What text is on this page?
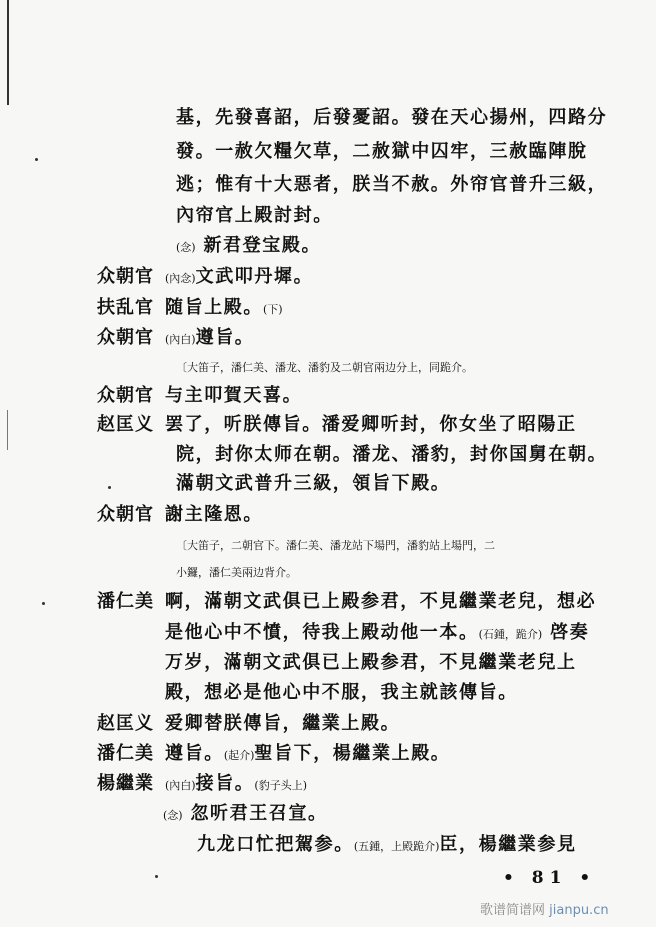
基，先發喜詔，后發憂詔。發在天心揚州，四路分
發。一赦欠糧欠草，二赦獄中囚牢，三赦臨陣脫
逃；惟有十大惡者，朕当不赦。外帘官普升三級，
內帘官上殿討封。
(念) 新君登宝殿。
众朝官 (內念)文武叩丹墀。
扶乱官 随旨上殿。(下)
众朝官 (內白)遵旨。
〔大笛子，潘仁美、潘龙、潘豹及二朝官兩边分上，同跪介。
众朝官 与主叩賀天喜。
赵匡义 罢了，听朕傳旨。潘爱卿听封，你女坐了昭陽正
院，封你太师在朝。潘龙、潘豹，封你国舅在朝。
滿朝文武普升三級，領旨下殿。
众朝官 謝主隆恩。
〔大笛子，二朝官下。潘仁美、潘龙站下場門，潘豹站上場門，二
小鑼，潘仁美兩边背介。
潘仁美 啊，滿朝文武俱已上殿参君，不見繼業老兒，想必
是他心中不憤，待我上殿动他一本。(石鍾，跪介) 啓奏
万岁，滿朝文武俱已上殿参君，不見繼業老兒上
殿，想必是他心中不服，我主就該傳旨。
赵匡义 爱卿替朕傳旨，繼業上殿。
潘仁美 遵旨。(起介)聖旨下，楊繼業上殿。
楊繼業 (內白)接旨。(豹子头上)
(念) 忽听君王召宣。
九龙口忙把駕参。(五鍾，上殿跪介)臣，楊繼業参見
• 81 •
歌谱简谱网 jianpu.cn
